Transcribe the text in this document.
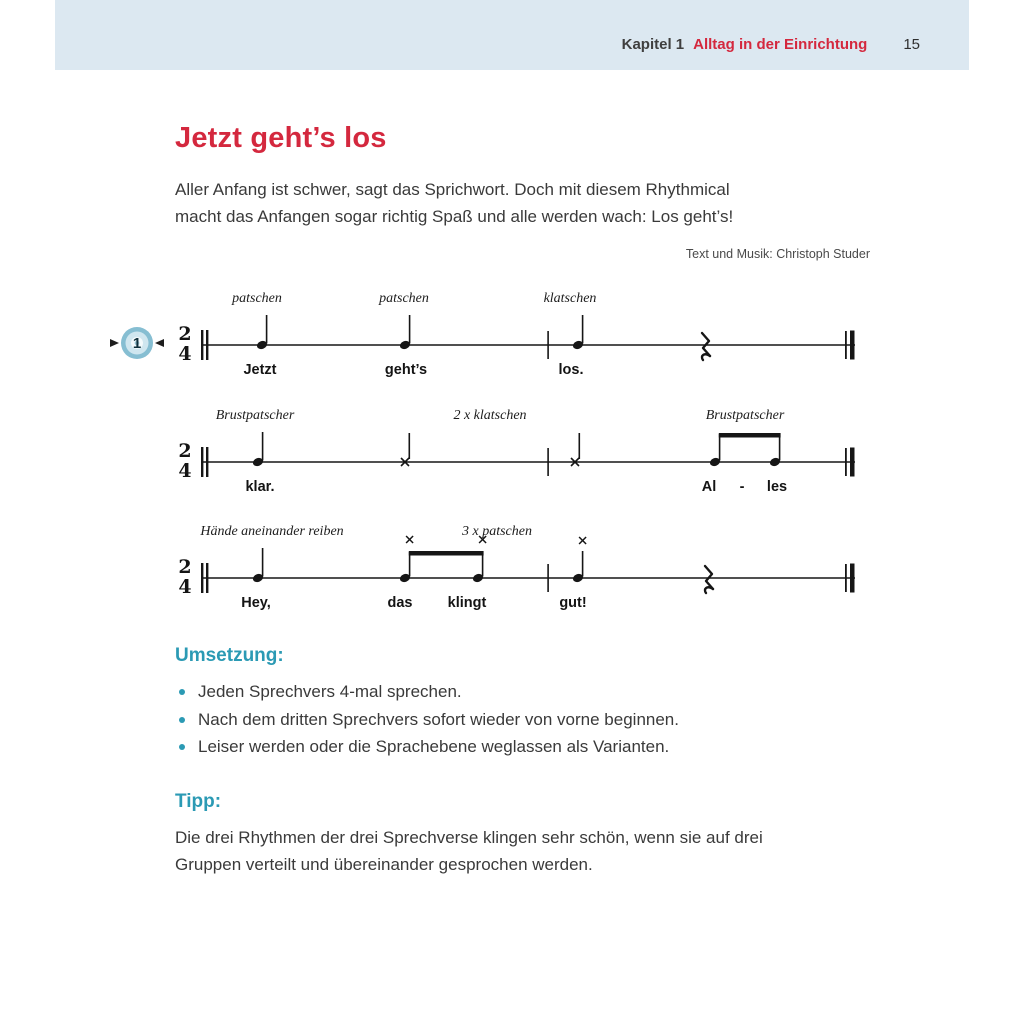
Kapitel 1 Alltag in der Einrichtung 15
Jetzt geht’s los
Aller Anfang ist schwer, sagt das Sprichwort. Doch mit diesem Rhythmical
macht das Anfangen sogar richtig Spaß und alle werden wach: Los geht’s!
Text und Musik: Christoph Studer
1	2
4
patschen	patschen	klatschen
Jetzt	geht’s	los.
2
4
Brustpatscher	2 x klatschen	Brustpatscher
klar.	Al - les
2
4
Hände aneinander reiben	3 x patschen
Hey,	das klingt	gut!
Umsetzung:
Jeden Sprechvers 4-mal sprechen.
Nach dem dritten Sprechvers sofort wieder von vorne beginnen.
Leiser werden oder die Sprachebene weglassen als Varianten.
Tipp:
Die drei Rhythmen der drei Sprechverse klingen sehr schön, wenn sie auf drei
Gruppen verteilt und übereinander gesprochen werden.
